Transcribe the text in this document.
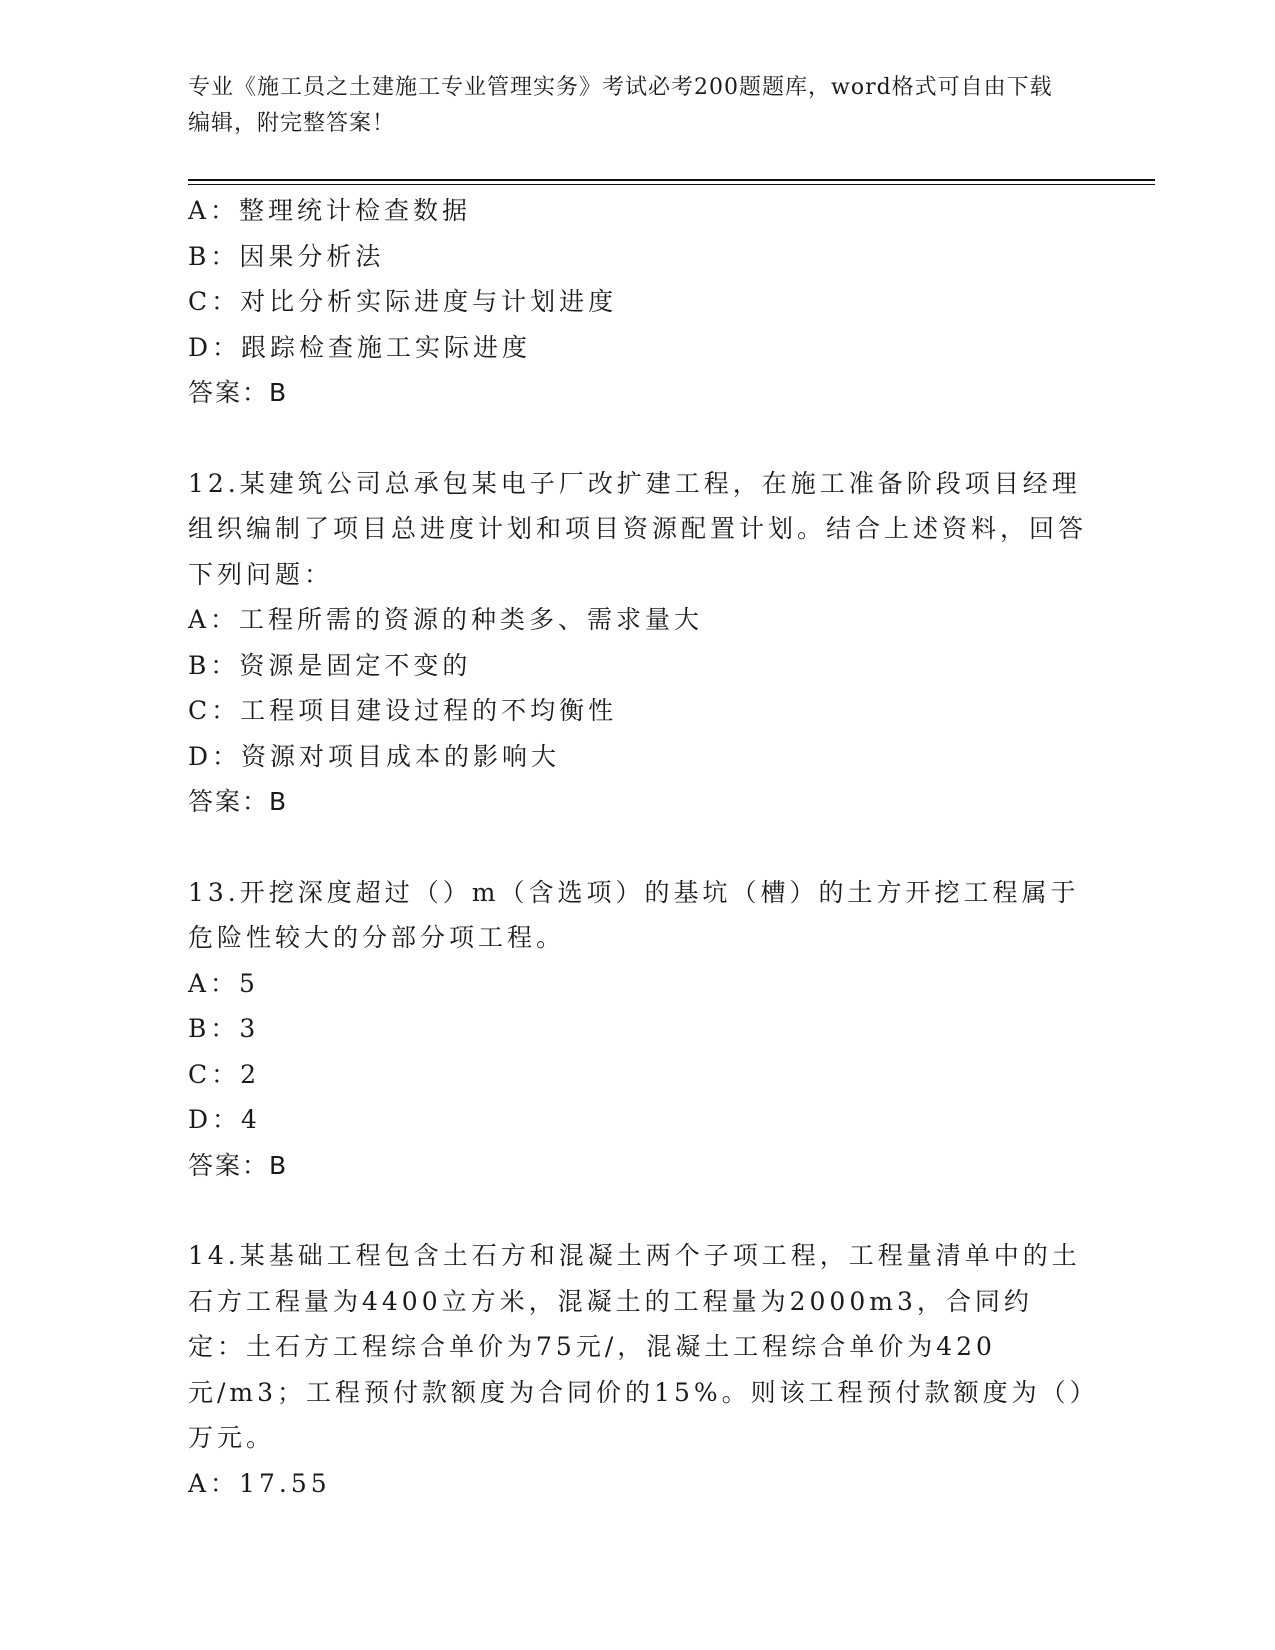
专业《施工员之土建施工专业管理实务》考试必考200题题库，word格式可自由下载编辑，附完整答案！
A：整理统计检查数据
B：因果分析法
C：对比分析实际进度与计划进度
D：跟踪检查施工实际进度
答案：B
12.某建筑公司总承包某电子厂改扩建工程，在施工准备阶段项目经理组织编制了项目总进度计划和项目资源配置计划。结合上述资料，回答下列问题：
A：工程所需的资源的种类多、需求量大
B：资源是固定不变的
C：工程项目建设过程的不均衡性
D：资源对项目成本的影响大
答案：B
13.开挖深度超过（）m（含选项）的基坑（槽）的土方开挖工程属于危险性较大的分部分项工程。
A：5
B：3
C：2
D：4
答案：B
14.某基础工程包含土石方和混凝土两个子项工程，工程量清单中的土石方工程量为4400立方米，混凝土的工程量为2000m3，合同约定：土石方工程综合单价为75元/，混凝土工程综合单价为420元/m3；工程预付款额度为合同价的15%。则该工程预付款额度为（）万元。
A：17.55
